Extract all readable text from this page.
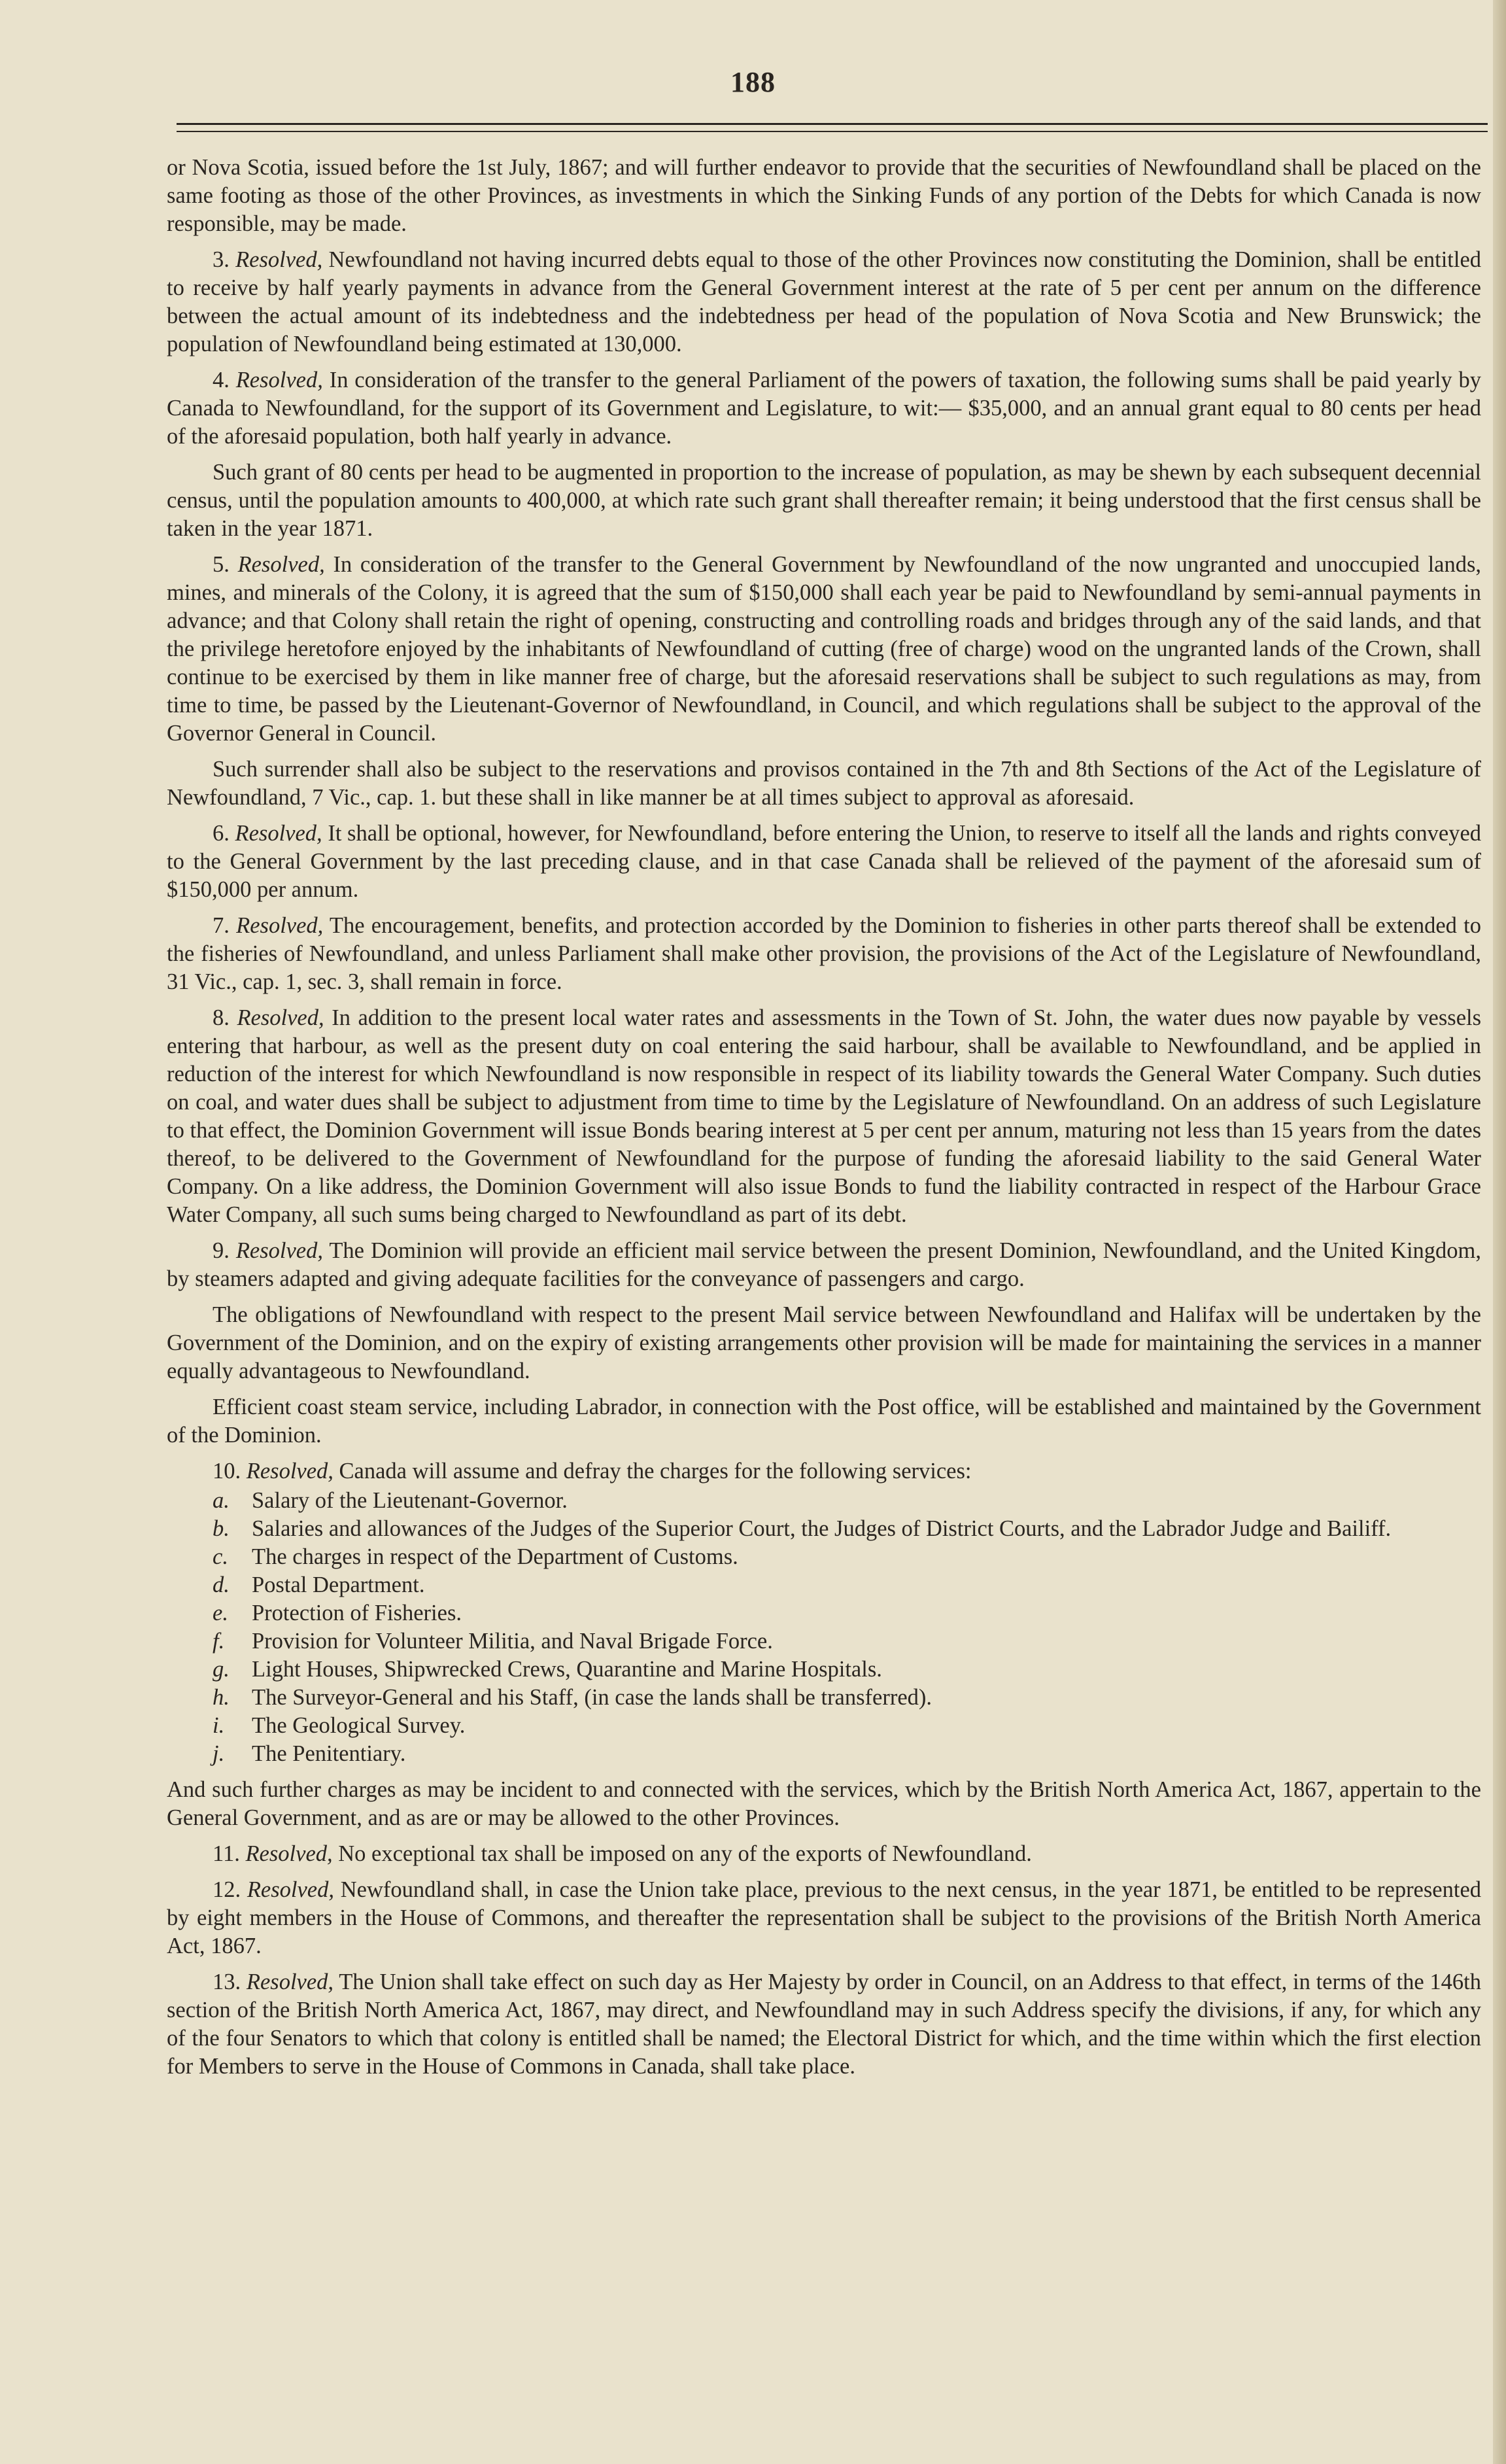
188

or Nova Scotia, issued before the 1st July, 1867; and will further endeavor to provide that the securities of Newfoundland shall be placed on the same footing as those of the other Provinces, as investments in which the Sinking Funds of any portion of the Debts for which Canada is now responsible, may be made.

3. Resolved, Newfoundland not having incurred debts equal to those of the other Provinces now constituting the Dominion, shall be entitled to receive by half yearly payments in advance from the General Government interest at the rate of 5 per cent per annum on the difference between the actual amount of its indebtedness and the indebtedness per head of the population of Nova Scotia and New Brunswick; the population of Newfoundland being estimated at 130,000.

4. Resolved, In consideration of the transfer to the general Parliament of the powers of taxation, the following sums shall be paid yearly by Canada to Newfoundland, for the support of its Government and Legislature, to wit:— $35,000, and an annual grant equal to 80 cents per head of the aforesaid population, both half yearly in advance.

Such grant of 80 cents per head to be augmented in proportion to the increase of population, as may be shewn by each subsequent decennial census, until the population amounts to 400,000, at which rate such grant shall thereafter remain; it being understood that the first census shall be taken in the year 1871.

5. Resolved, In consideration of the transfer to the General Government by Newfoundland of the now ungranted and unoccupied lands, mines, and minerals of the Colony, it is agreed that the sum of $150,000 shall each year be paid to Newfoundland by semi-annual payments in advance; and that Colony shall retain the right of opening, constructing and controlling roads and bridges through any of the said lands, and that the privilege heretofore enjoyed by the inhabitants of Newfoundland of cutting (free of charge) wood on the ungranted lands of the Crown, shall continue to be exercised by them in like manner free of charge, but the aforesaid reservations shall be subject to such regulations as may, from time to time, be passed by the Lieutenant-Governor of Newfoundland, in Council, and which regulations shall be subject to the approval of the Governor General in Council.

Such surrender shall also be subject to the reservations and provisos contained in the 7th and 8th Sections of the Act of the Legislature of Newfoundland, 7 Vic., cap. 1. but these shall in like manner be at all times subject to approval as aforesaid.

6. Resolved, It shall be optional, however, for Newfoundland, before entering the Union, to reserve to itself all the lands and rights conveyed to the General Government by the last preceding clause, and in that case Canada shall be relieved of the payment of the aforesaid sum of $150,000 per annum.

7. Resolved, The encouragement, benefits, and protection accorded by the Dominion to fisheries in other parts thereof shall be extended to the fisheries of Newfoundland, and unless Parliament shall make other provision, the provisions of the Act of the Legislature of Newfoundland, 31 Vic., cap. 1, sec. 3, shall remain in force.

8. Resolved, In addition to the present local water rates and assessments in the Town of St. John, the water dues now payable by vessels entering that harbour, as well as the present duty on coal entering the said harbour, shall be available to Newfoundland, and be applied in reduction of the interest for which Newfoundland is now responsible in respect of its liability towards the General Water Company. Such duties on coal, and water dues shall be subject to adjustment from time to time by the Legislature of Newfoundland. On an address of such Legislature to that effect, the Dominion Government will issue Bonds bearing interest at 5 per cent per annum, maturing not less than 15 years from the dates thereof, to be delivered to the Government of Newfoundland for the purpose of funding the aforesaid liability to the said General Water Company. On a like address, the Dominion Government will also issue Bonds to fund the liability contracted in respect of the Harbour Grace Water Company, all such sums being charged to Newfoundland as part of its debt.

9. Resolved, The Dominion will provide an efficient mail service between the present Dominion, Newfoundland, and the United Kingdom, by steamers adapted and giving adequate facilities for the conveyance of passengers and cargo.

The obligations of Newfoundland with respect to the present Mail service between Newfoundland and Halifax will be undertaken by the Government of the Dominion, and on the expiry of existing arrangements other provision will be made for maintaining the services in a manner equally advantageous to Newfoundland.

Efficient coast steam service, including Labrador, in connection with the Post office, will be established and maintained by the Government of the Dominion.

10. Resolved, Canada will assume and defray the charges for the following services:

a. Salary of the Lieutenant-Governor.

b. Salaries and allowances of the Judges of the Superior Court, the Judges of District Courts, and the Labrador Judge and Bailiff.

c. The charges in respect of the Department of Customs.

d. Postal Department.

e. Protection of Fisheries.

f. Provision for Volunteer Militia, and Naval Brigade Force.

g. Light Houses, Shipwrecked Crews, Quarantine and Marine Hospitals.

h. The Surveyor-General and his Staff, (in case the lands shall be transferred).

i. The Geological Survey.

j. The Penitentiary.

And such further charges as may be incident to and connected with the services, which by the British North America Act, 1867, appertain to the General Government, and as are or may be allowed to the other Provinces.

11. Resolved, No exceptional tax shall be imposed on any of the exports of Newfoundland.

12. Resolved, Newfoundland shall, in case the Union take place, previous to the next census, in the year 1871, be entitled to be represented by eight members in the House of Commons, and thereafter the representation shall be subject to the provisions of the British North America Act, 1867.

13. Resolved, The Union shall take effect on such day as Her Majesty by order in Council, on an Address to that effect, in terms of the 146th section of the British North America Act, 1867, may direct, and Newfoundland may in such Address specify the divisions, if any, for which any of the four Senators to which that colony is entitled shall be named; the Electoral District for which, and the time within which the first election for Members to serve in the House of Commons in Canada, shall take place.
